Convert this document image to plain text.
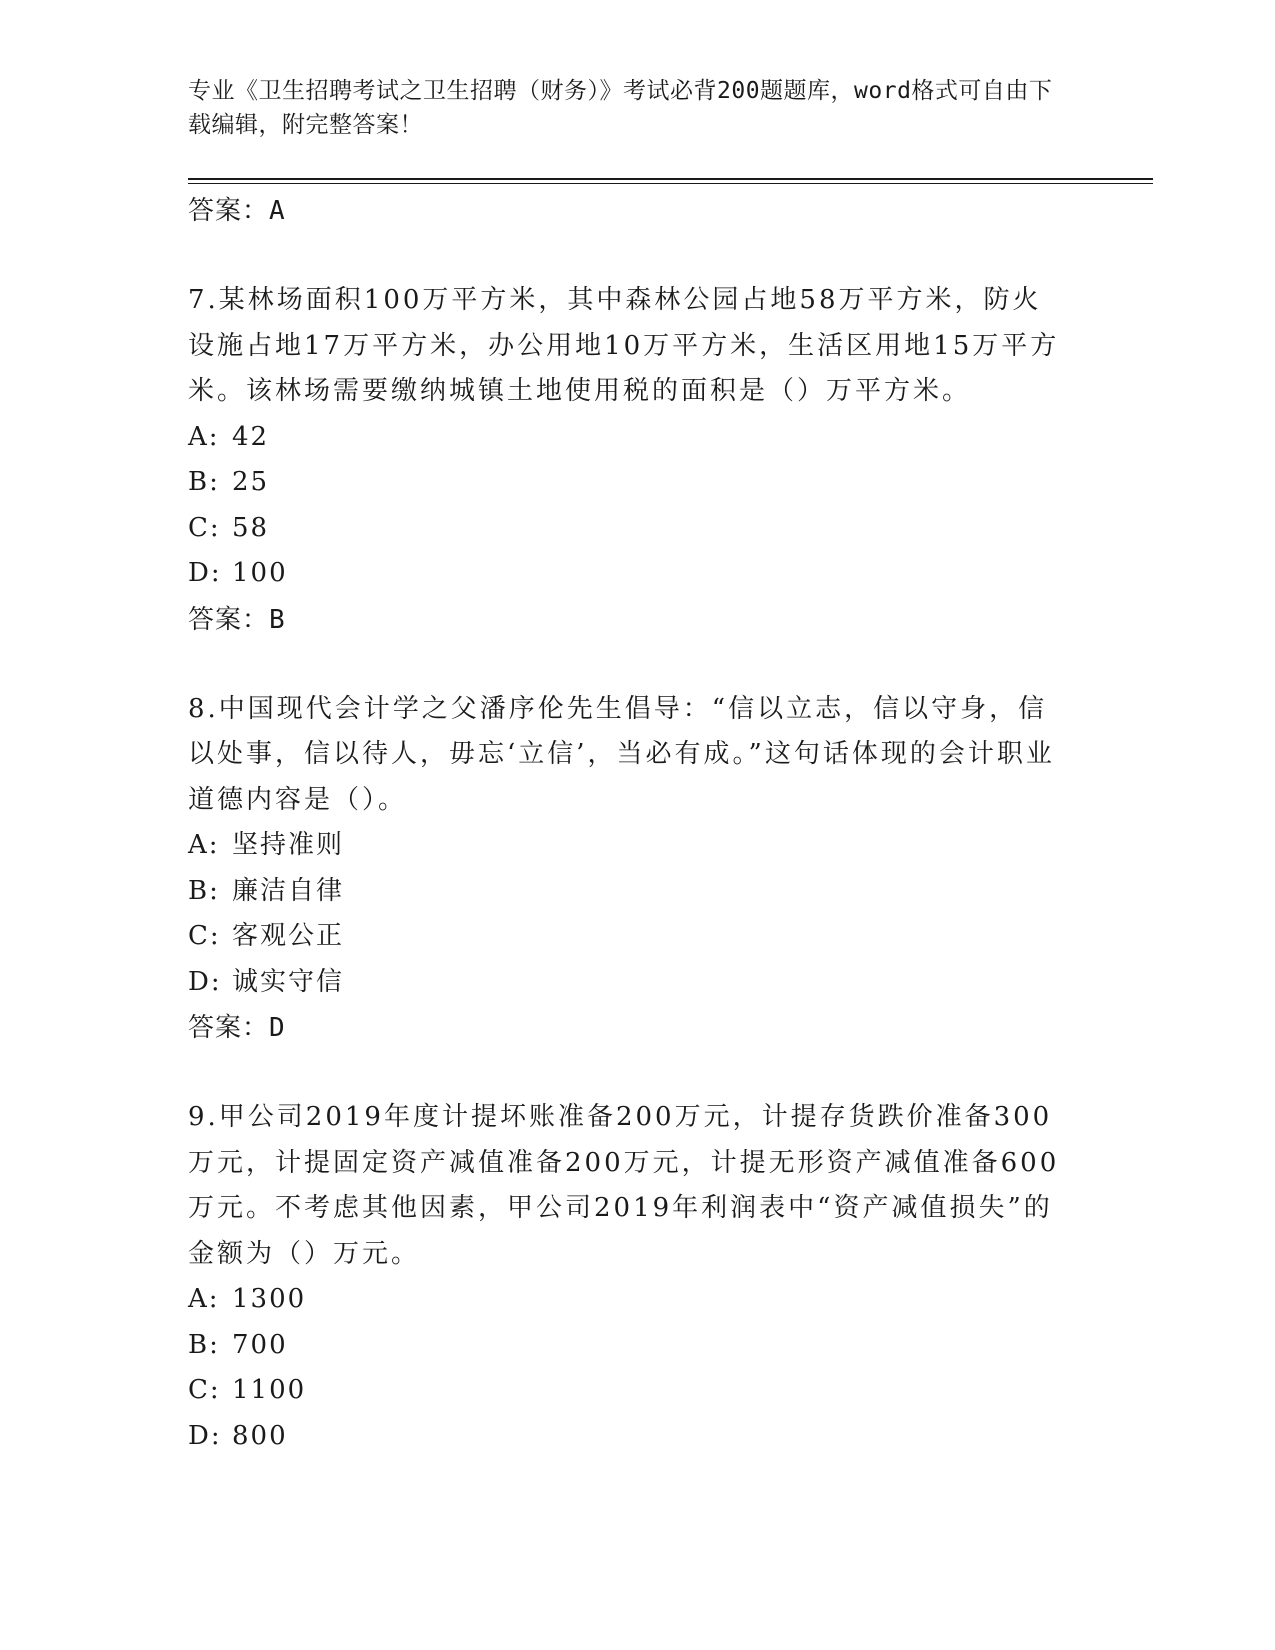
专业《卫生招聘考试之卫生招聘（财务）》考试必背200题题库，word格式可自由下载编辑，附完整答案！
答案：A

7.某林场面积100万平方米，其中森林公园占地58万平方米，防火设施占地17万平方米，办公用地10万平方米，生活区用地15万平方米。该林场需要缴纳城镇土地使用税的面积是（）万平方米。

A: 42
B: 25
C: 58
D: 100
答案：B

8.中国现代会计学之父潘序伦先生倡导：“信以立志，信以守身，信以处事，信以待人，毋忘‘立信’，当必有成。”这句话体现的会计职业道德内容是（）。

A: 坚持准则
B: 廉洁自律
C: 客观公正
D: 诚实守信
答案：D

9.甲公司2019年度计提坏账准备200万元，计提存货跌价准备300万元，计提固定资产减值准备200万元，计提无形资产减值准备600万元。不考虑其他因素，甲公司2019年利润表中“资产减值损失”的金额为（）万元。

A: 1300
B: 700
C: 1100
D: 800
